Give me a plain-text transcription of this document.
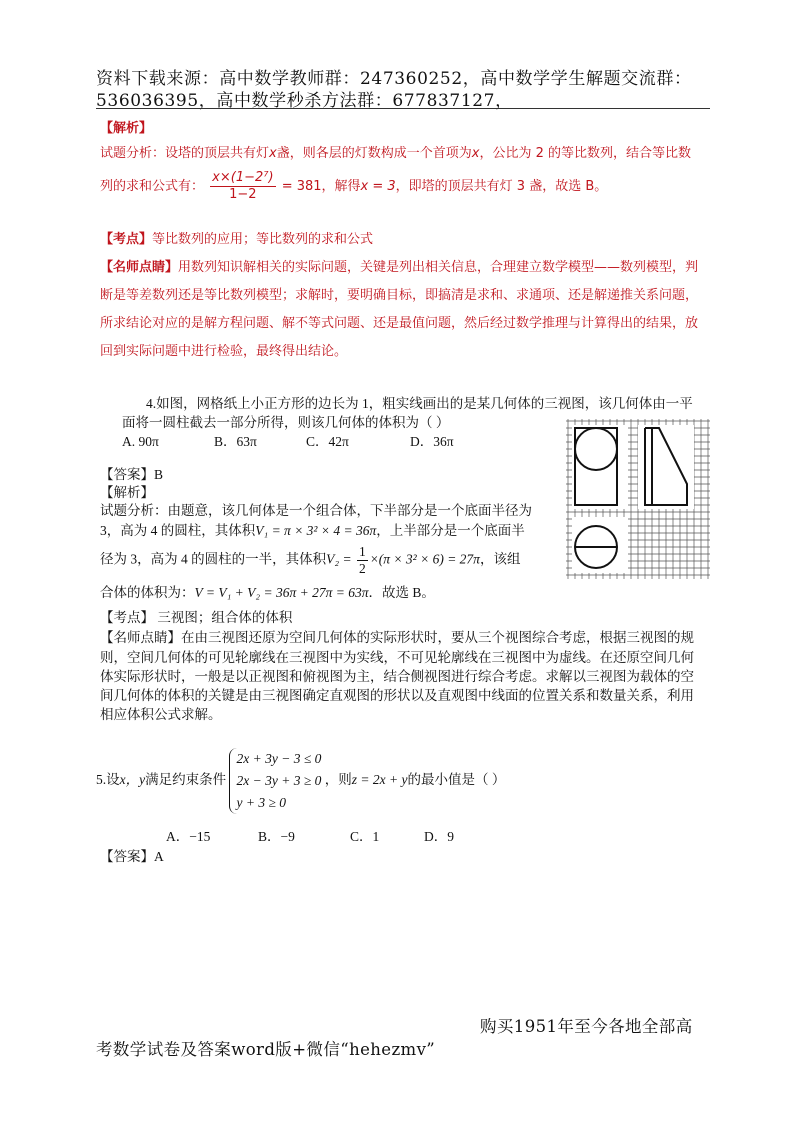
资料下载来源：高中数学教师群：247360252，高中数学学生解题交流群：
536036395，高中数学秒杀方法群：677837127，
【解析】
试题分析：设塔的顶层共有灯x盏，则各层的灯数构成一个首项为x，公比为 2 的等比数列，结合等比数
列的求和公式有： $\frac{\text{x×(1−2⁷)}}{1-2} = 381$，解得x = 3，即塔的顶层共有灯 3 盏，故选 B。
【考点】等比数列的应用；等比数列的求和公式
【名师点睛】用数列知识解相关的实际问题，关键是列出相关信息，合理建立数学模型——数列模型，判
断是等差数列还是等比数列模型；求解时，要明确目标，即搞清是求和、求通项、还是解递推关系问题，
所求结论对应的是解方程问题、解不等式问题、还是最值问题，然后经过数学推理与计算得出的结果，放
回到实际问题中进行检验，最终得出结论。
4.如图，网格纸上小正方形的边长为 1，粗实线画出的是某几何体的三视图，该几何体由一平
面将一圆柱截去一部分所得，则该几何体的体积为（ ）
A. 90π	B．63π	C．42π	D．36π
【答案】B
【解析】
试题分析：由题意，该几何体是一个组合体，下半部分是一个底面半径为
3，高为 4 的圆柱，其体积V₁ = π × 3² × 4 = 36π，上半部分是一个底面半
径为 3，高为 4 的圆柱的一半，其体积$V_2 = \frac{1}{2} \times(\pi \times 3^2 \times 6) = 27\pi$，该组
合体的体积为：V = V₁ + V₂ = 36π + 27π = 63π．故选 B。
【考点】 三视图；组合体的体积
【名师点睛】在由三视图还原为空间几何体的实际形状时，要从三个视图综合考虑，根据三视图的规
则，空间几何体的可见轮廓线在三视图中为实线，不可见轮廓线在三视图中为虚线。在还原空间几何
体实际形状时，一般是以正视图和俯视图为主，结合侧视图进行综合考虑。求解以三视图为载体的空
间几何体的体积的关键是由三视图确定直观图的形状以及直观图中线面的位置关系和数量关系，利用
相应体积公式求解。
5.设x，y满足约束条件
2x + 3y − 3 ≤ 0
2x − 3y + 3 ≥ 0
y + 3 ≥ 0
，则z = 2x + y的最小值是（ ）
A．−15	B．−9	C．1	D．9
【答案】A
购买1951年至今各地全部高
考数学试卷及答案word版+微信“hehezmv”
